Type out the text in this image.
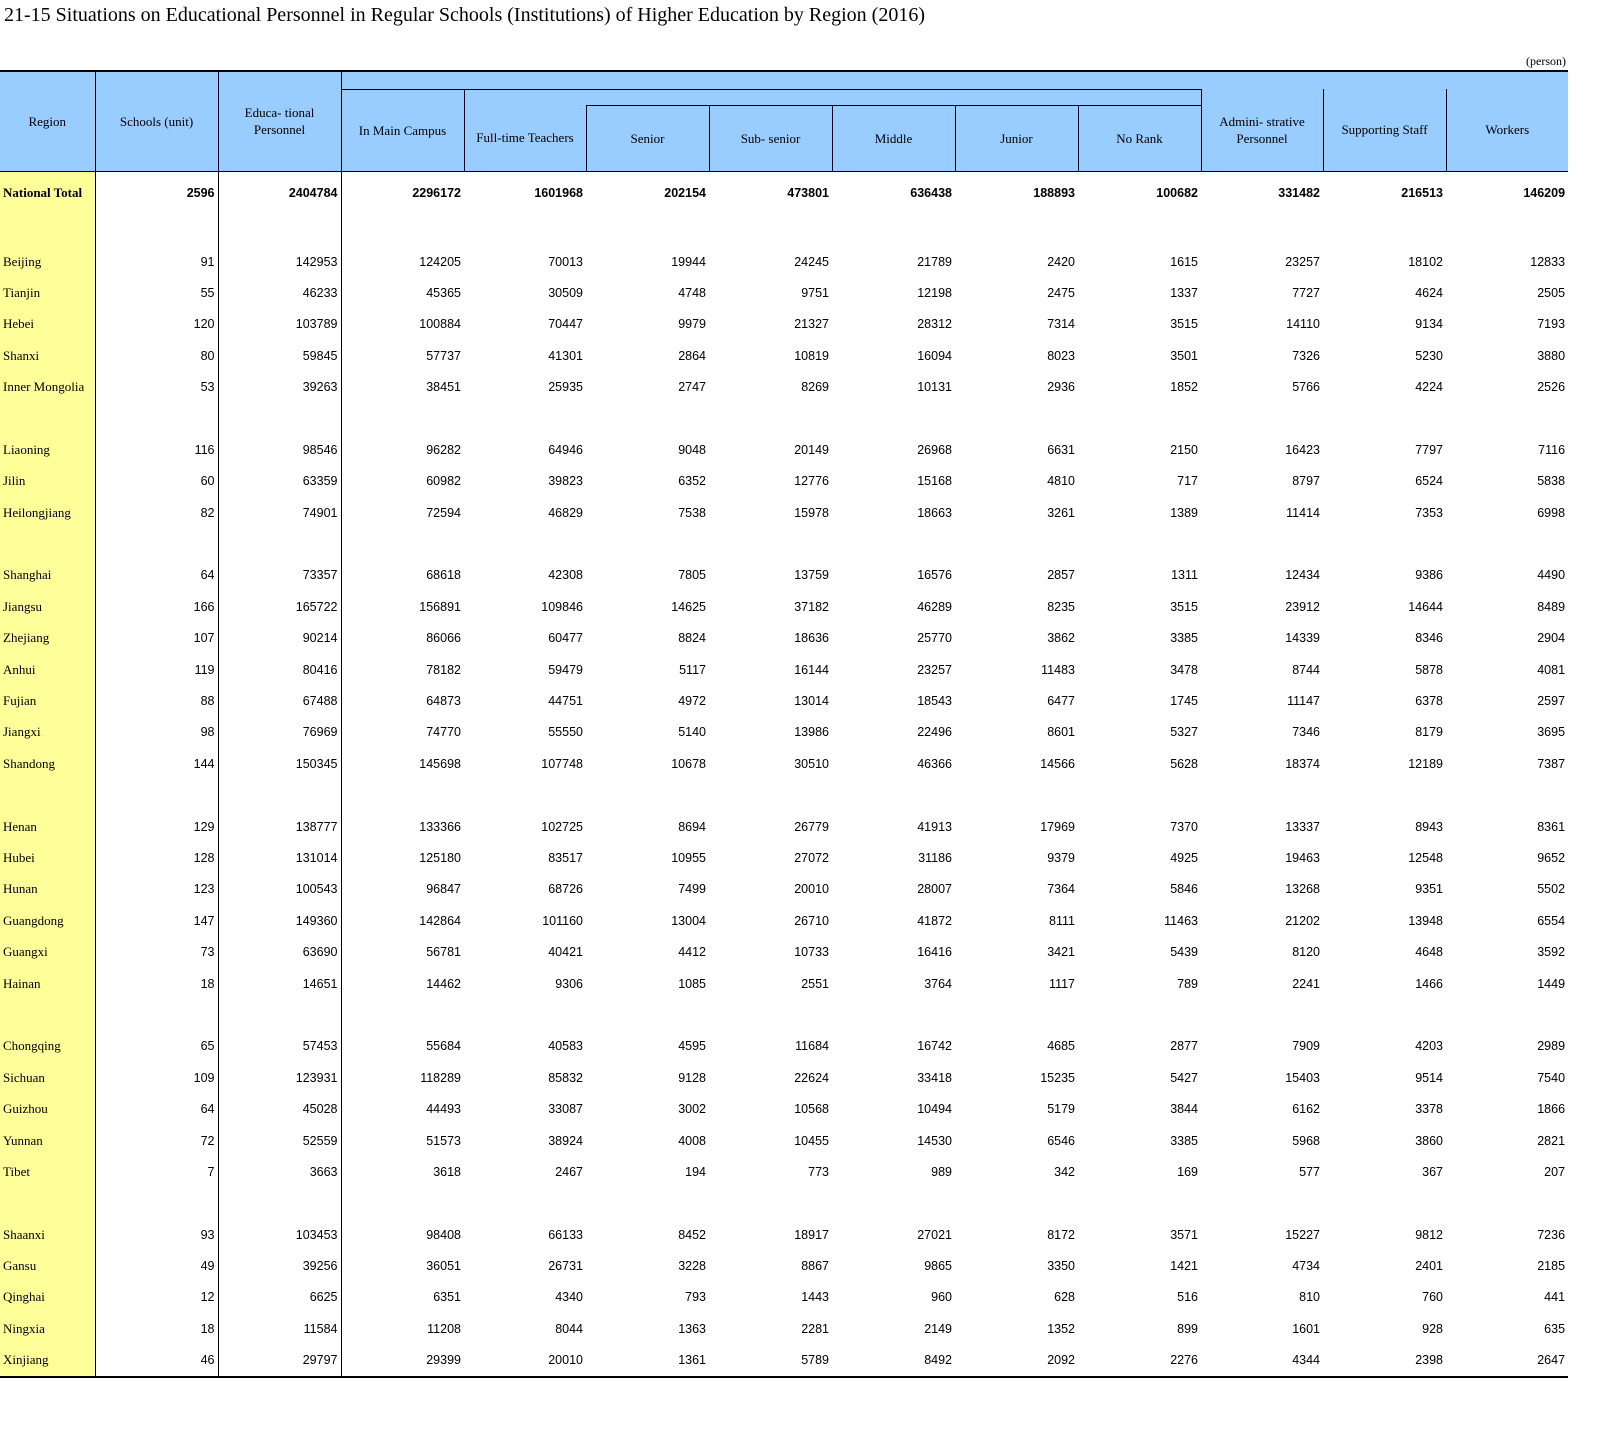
21-15 Situations on Educational Personnel in Regular Schools (Institutions) of Higher Education by Region (2016)
(person)
Region	Schools (unit)	Educa- tional Personnel										
			In Main Campus							Admini- strative Personnel	Supporting Staff	Workers
				Full-time Teachers	Senior	Sub- senior	Middle	Junior	No Rank			
National Total	2596	2404784	2296172	1601968	202154	473801	636438	188893	100682	331482	216513	146209

Beijing	91	142953	124205	70013	19944	24245	21789	2420	1615	23257	18102	12833
Tianjin	55	46233	45365	30509	4748	9751	12198	2475	1337	7727	4624	2505
Hebei	120	103789	100884	70447	9979	21327	28312	7314	3515	14110	9134	7193
Shanxi	80	59845	57737	41301	2864	10819	16094	8023	3501	7326	5230	3880
Inner Mongolia	53	39263	38451	25935	2747	8269	10131	2936	1852	5766	4224	2526

Liaoning	116	98546	96282	64946	9048	20149	26968	6631	2150	16423	7797	7116
Jilin	60	63359	60982	39823	6352	12776	15168	4810	717	8797	6524	5838
Heilongjiang	82	74901	72594	46829	7538	15978	18663	3261	1389	11414	7353	6998

Shanghai	64	73357	68618	42308	7805	13759	16576	2857	1311	12434	9386	4490
Jiangsu	166	165722	156891	109846	14625	37182	46289	8235	3515	23912	14644	8489
Zhejiang	107	90214	86066	60477	8824	18636	25770	3862	3385	14339	8346	2904
Anhui	119	80416	78182	59479	5117	16144	23257	11483	3478	8744	5878	4081
Fujian	88	67488	64873	44751	4972	13014	18543	6477	1745	11147	6378	2597
Jiangxi	98	76969	74770	55550	5140	13986	22496	8601	5327	7346	8179	3695
Shandong	144	150345	145698	107748	10678	30510	46366	14566	5628	18374	12189	7387

Henan	129	138777	133366	102725	8694	26779	41913	17969	7370	13337	8943	8361
Hubei	128	131014	125180	83517	10955	27072	31186	9379	4925	19463	12548	9652
Hunan	123	100543	96847	68726	7499	20010	28007	7364	5846	13268	9351	5502
Guangdong	147	149360	142864	101160	13004	26710	41872	8111	11463	21202	13948	6554
Guangxi	73	63690	56781	40421	4412	10733	16416	3421	5439	8120	4648	3592
Hainan	18	14651	14462	9306	1085	2551	3764	1117	789	2241	1466	1449

Chongqing	65	57453	55684	40583	4595	11684	16742	4685	2877	7909	4203	2989
Sichuan	109	123931	118289	85832	9128	22624	33418	15235	5427	15403	9514	7540
Guizhou	64	45028	44493	33087	3002	10568	10494	5179	3844	6162	3378	1866
Yunnan	72	52559	51573	38924	4008	10455	14530	6546	3385	5968	3860	2821
Tibet	7	3663	3618	2467	194	773	989	342	169	577	367	207

Shaanxi	93	103453	98408	66133	8452	18917	27021	8172	3571	15227	9812	7236
Gansu	49	39256	36051	26731	3228	8867	9865	3350	1421	4734	2401	2185
Qinghai	12	6625	6351	4340	793	1443	960	628	516	810	760	441
Ningxia	18	11584	11208	8044	1363	2281	2149	1352	899	1601	928	635
Xinjiang	46	29797	29399	20010	1361	5789	8492	2092	2276	4344	2398	2647
